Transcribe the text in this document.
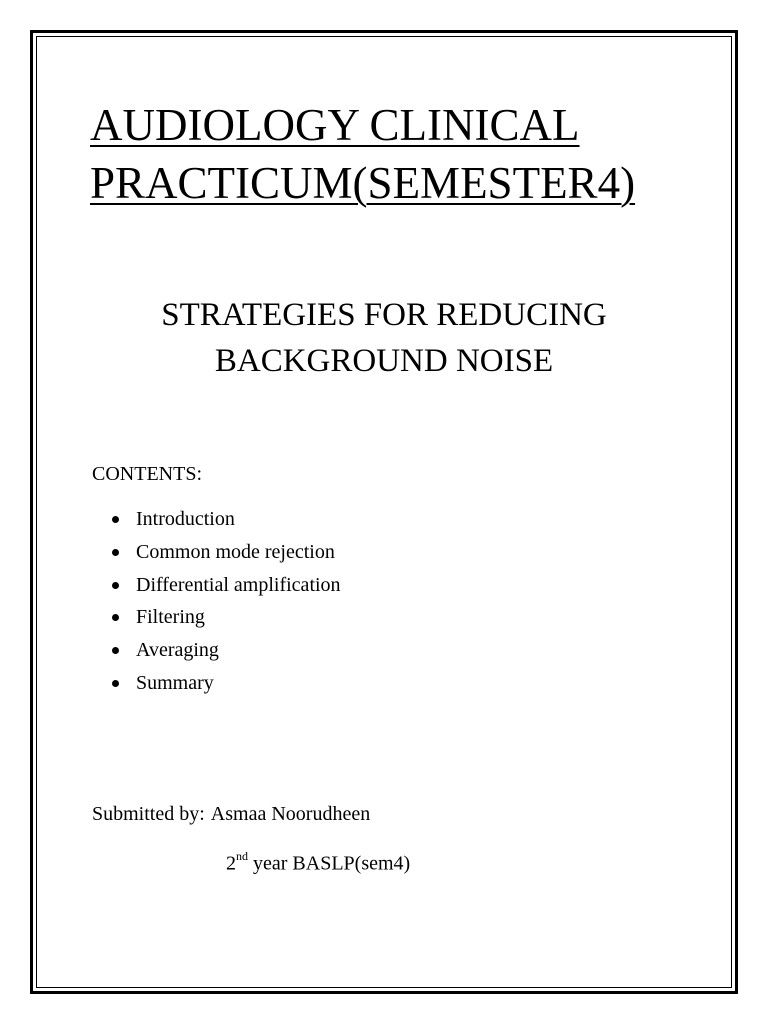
AUDIOLOGY CLINICAL
PRACTICUM(SEMESTER4)
STRATEGIES FOR REDUCING
BACKGROUND NOISE
CONTENTS:
Introduction
Common mode rejection
Differential amplification
Filtering
Averaging
Summary
Submitted by: Asmaa Noorudheen
2nd year BASLP(sem4)
